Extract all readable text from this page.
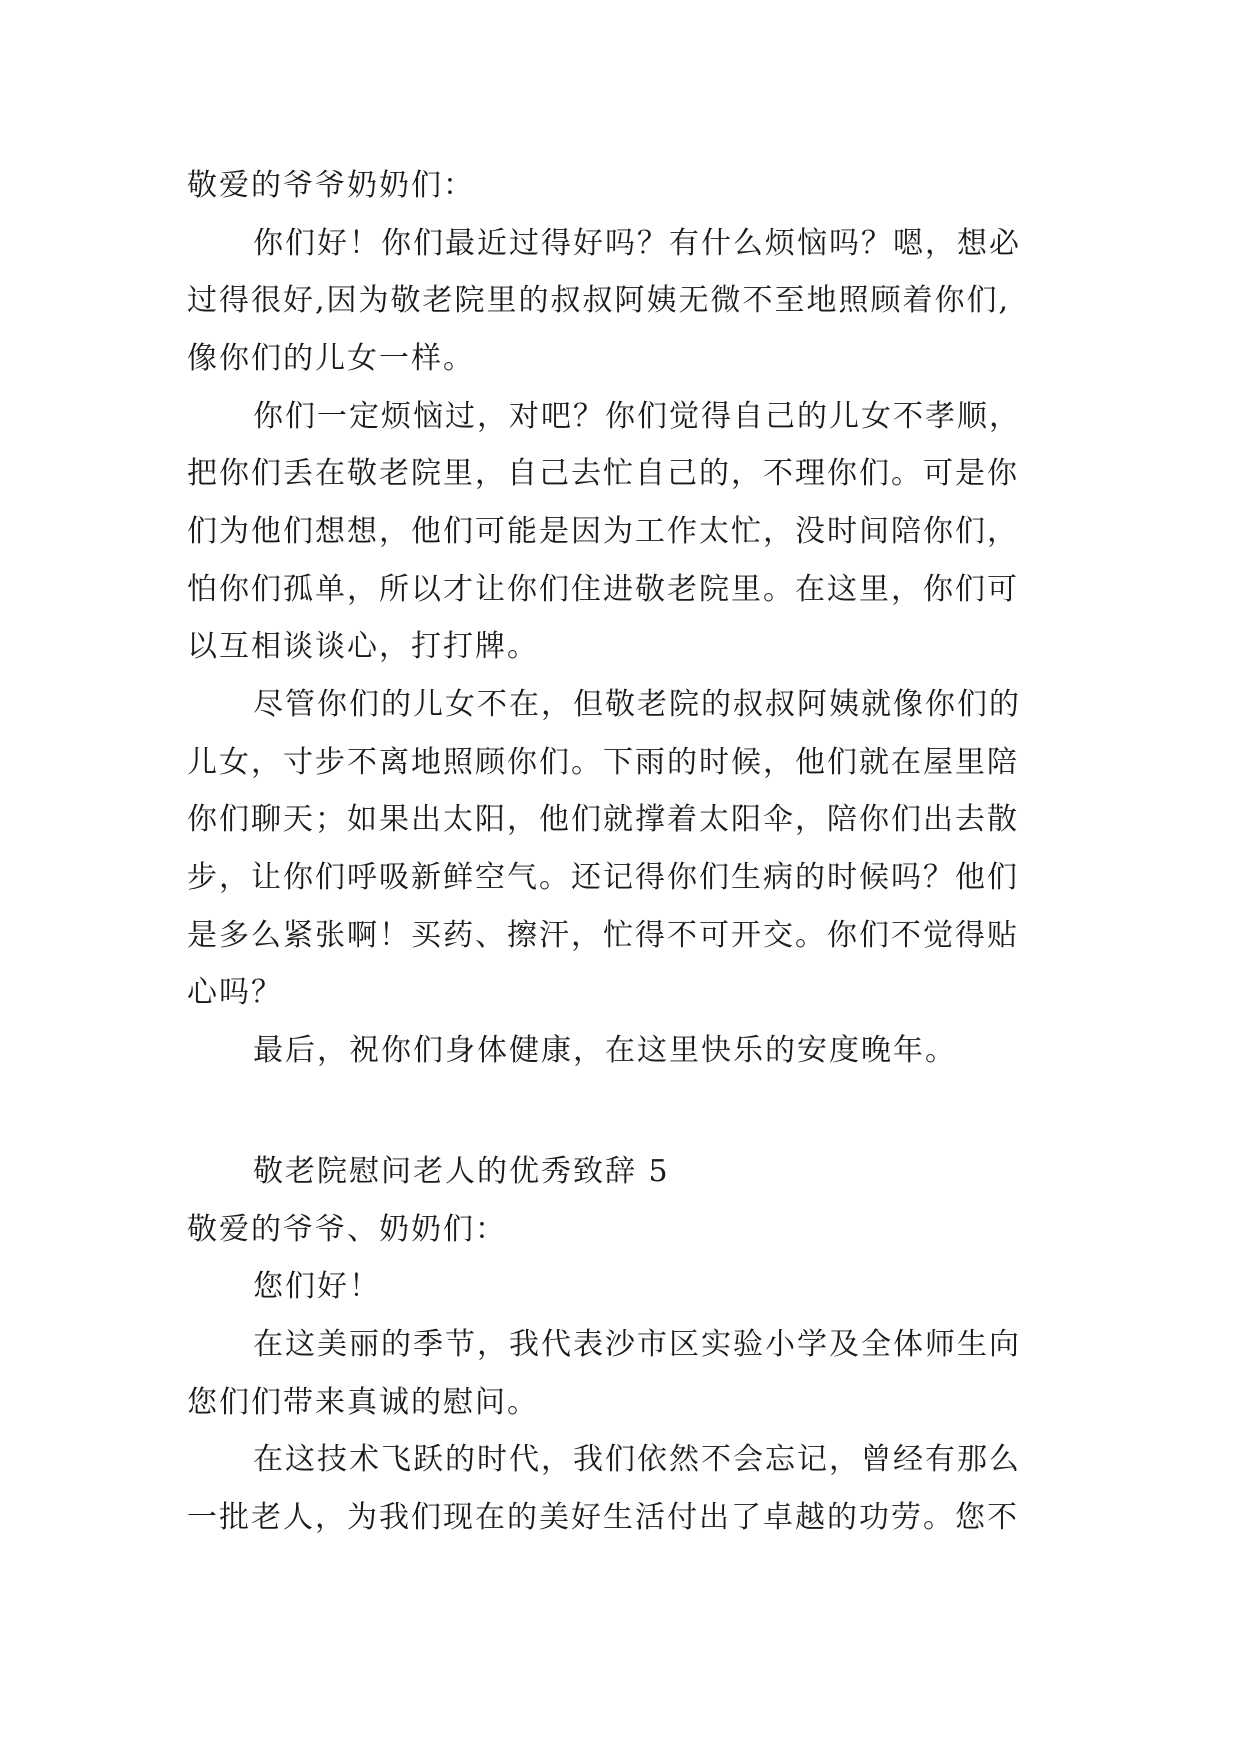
敬爱的爷爷奶奶们：
你们好！你们最近过得好吗？有什么烦恼吗？嗯，想必
过得很好,因为敬老院里的叔叔阿姨无微不至地照顾着你们,
像你们的儿女一样。
你们一定烦恼过，对吧？你们觉得自己的儿女不孝顺，
把你们丢在敬老院里，自己去忙自己的，不理你们。可是你
们为他们想想，他们可能是因为工作太忙，没时间陪你们，
怕你们孤单，所以才让你们住进敬老院里。在这里，你们可
以互相谈谈心，打打牌。
尽管你们的儿女不在，但敬老院的叔叔阿姨就像你们的
儿女，寸步不离地照顾你们。下雨的时候，他们就在屋里陪
你们聊天；如果出太阳，他们就撑着太阳伞，陪你们出去散
步，让你们呼吸新鲜空气。还记得你们生病的时候吗？他们
是多么紧张啊！买药、擦汗，忙得不可开交。你们不觉得贴
心吗？
最后，祝你们身体健康，在这里快乐的安度晚年。
敬老院慰问老人的优秀致辞 5
敬爱的爷爷、奶奶们：
您们好！
在这美丽的季节，我代表沙市区实验小学及全体师生向
您们们带来真诚的慰问。
在这技术飞跃的时代，我们依然不会忘记，曾经有那么
一批老人，为我们现在的美好生活付出了卓越的功劳。您不
